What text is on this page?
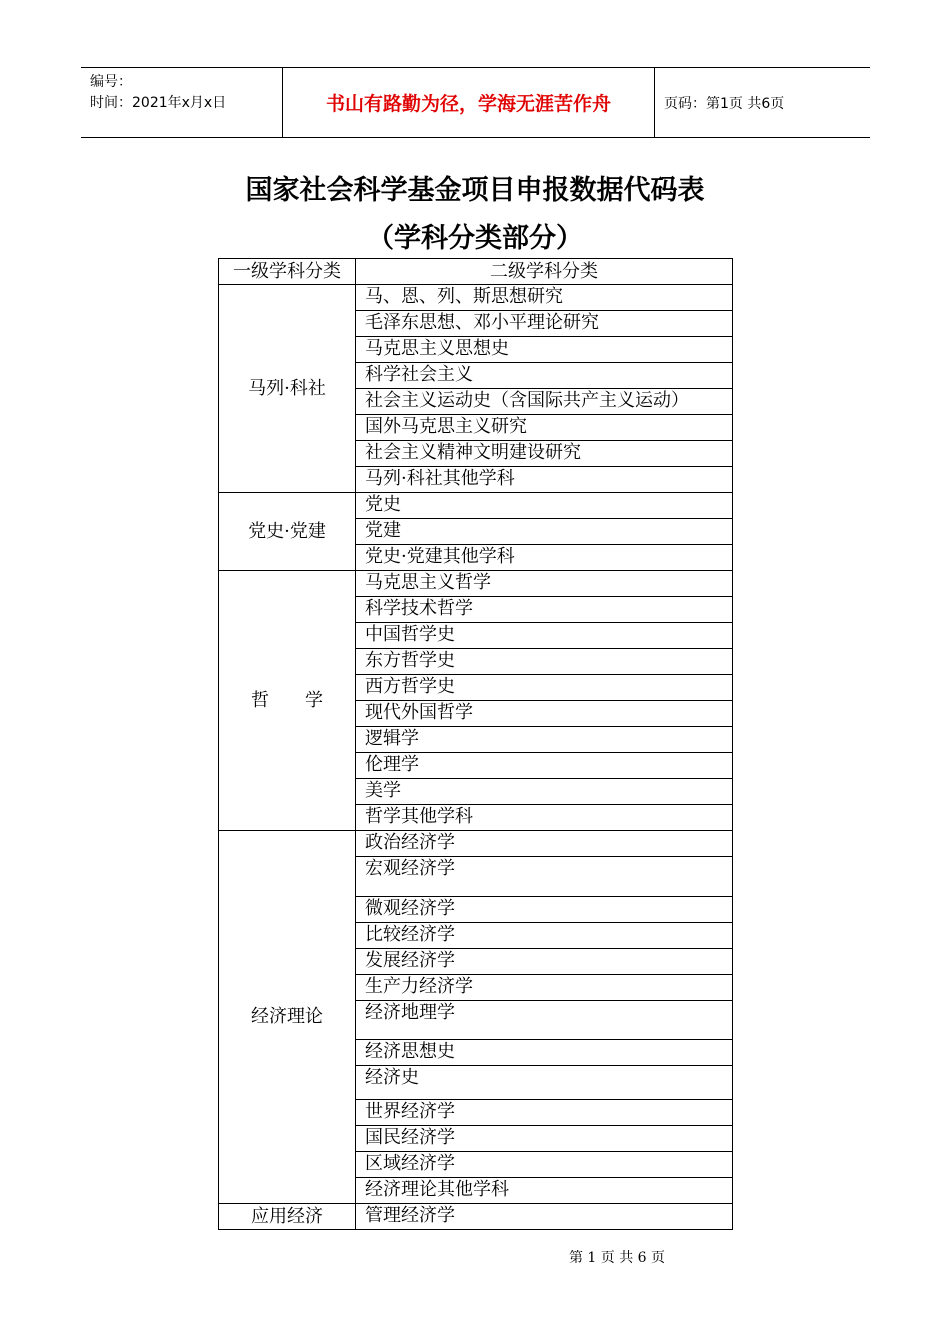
编号：
时间：2021年x月x日	书山有路勤为径，学海无涯苦作舟	页码：第1页 共6页
国家社会科学基金项目申报数据代码表
（学科分类部分）
一级学科分类	二级学科分类
马列·科社	马、恩、列、斯思想研究
	毛泽东思想、邓小平理论研究
	马克思主义思想史
	科学社会主义
	社会主义运动史（含国际共产主义运动）
	国外马克思主义研究
	社会主义精神文明建设研究
	马列·科社其他学科
党史·党建	党史
	党建
	党史·党建其他学科
哲　　学	马克思主义哲学
	科学技术哲学
	中国哲学史
	东方哲学史
	西方哲学史
	现代外国哲学
	逻辑学
	伦理学
	美学
	哲学其他学科
经济理论	政治经济学
	宏观经济学
	微观经济学
	比较经济学
	发展经济学
	生产力经济学
	经济地理学
	经济思想史
	经济史
	世界经济学
	国民经济学
	区域经济学
	经济理论其他学科
应用经济	管理经济学
第 1 页 共 6 页
